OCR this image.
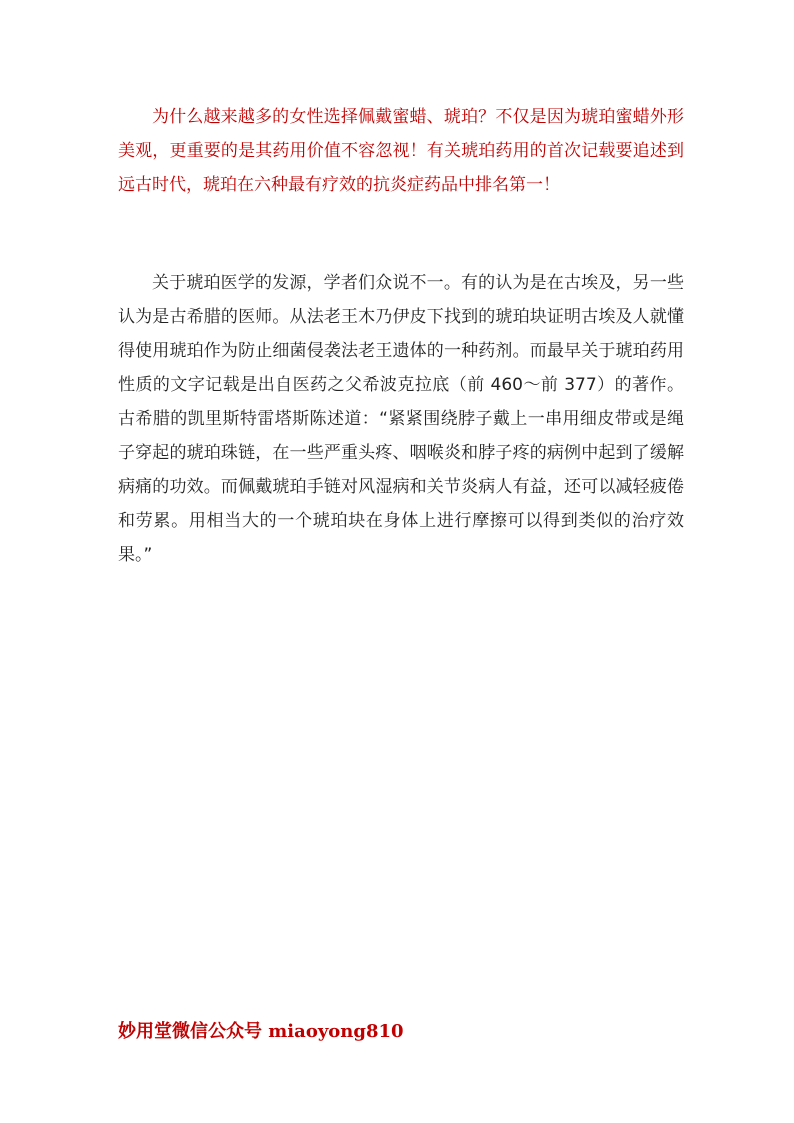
为什么越来越多的女性选择佩戴蜜蜡、琥珀？不仅是因为琥珀蜜蜡外形美观，更重要的是其药用价值不容忽视！有关琥珀药用的首次记载要追述到远古时代，琥珀在六种最有疗效的抗炎症药品中排名第一！

关于琥珀医学的发源，学者们众说不一。有的认为是在古埃及，另一些认为是古希腊的医师。从法老王木乃伊皮下找到的琥珀块证明古埃及人就懂得使用琥珀作为防止细菌侵袭法老王遗体的一种药剂。而最早关于琥珀药用性质的文字记载是出自医药之父希波克拉底（前 460～前 377）的著作。古希腊的凯里斯特雷塔斯陈述道：“紧紧围绕脖子戴上一串用细皮带或是绳子穿起的琥珀珠链，在一些严重头疼、咽喉炎和脖子疼的病例中起到了缓解病痛的功效。而佩戴琥珀手链对风湿病和关节炎病人有益，还可以减轻疲倦和劳累。用相当大的一个琥珀块在身体上进行摩擦可以得到类似的治疗效果。”

妙用堂微信公众号 miaoyong810
